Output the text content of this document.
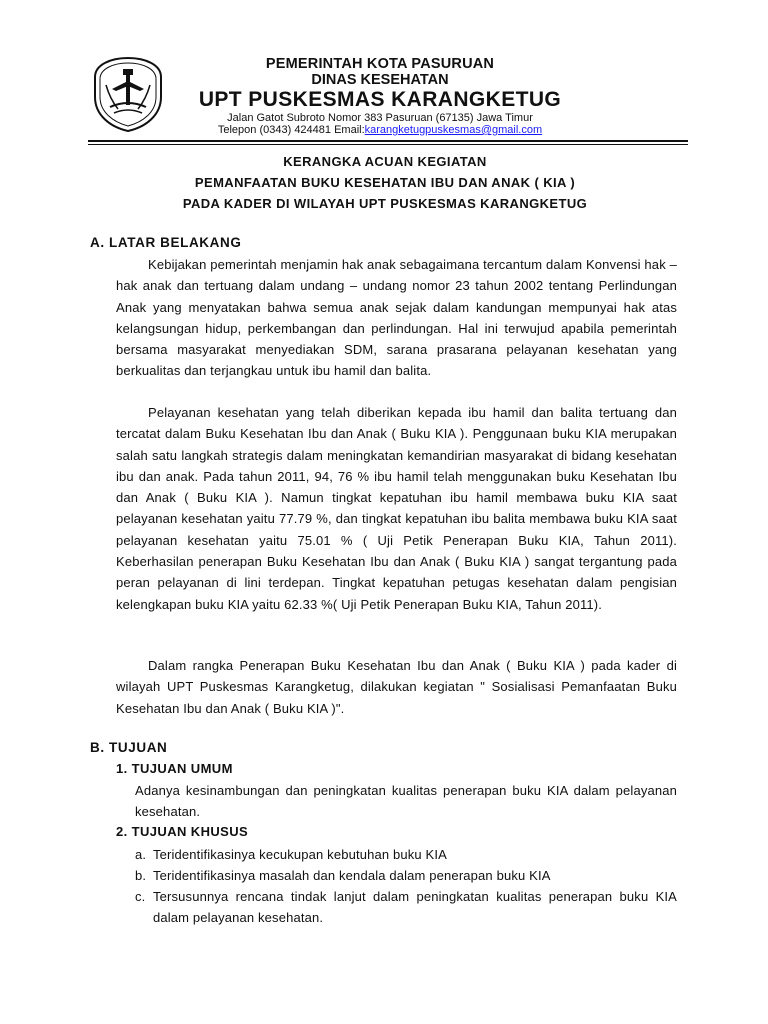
PEMERINTAH KOTA PASURUAN
DINAS KESEHATAN
UPT PUSKESMAS KARANGKETUG
Jalan Gatot Subroto Nomor 383 Pasuruan (67135) Jawa Timur
Telepon (0343) 424481 Email:karangketugpuskesmas@gmail.com
KERANGKA ACUAN KEGIATAN
PEMANFAATAN BUKU KESEHATAN IBU DAN ANAK ( KIA )
PADA KADER DI WILAYAH UPT PUSKESMAS KARANGKETUG
A. LATAR BELAKANG
Kebijakan pemerintah menjamin hak anak sebagaimana tercantum dalam Konvensi hak – hak anak dan tertuang dalam undang – undang nomor 23 tahun 2002 tentang Perlindungan Anak yang menyatakan bahwa semua anak sejak dalam kandungan mempunyai hak atas kelangsungan hidup, perkembangan dan perlindungan. Hal ini terwujud apabila pemerintah bersama masyarakat menyediakan SDM, sarana prasarana pelayanan kesehatan yang berkualitas dan terjangkau untuk ibu hamil dan balita.
Pelayanan kesehatan yang telah diberikan kepada ibu hamil dan balita tertuang dan tercatat dalam Buku Kesehatan Ibu dan Anak ( Buku KIA ). Penggunaan buku KIA merupakan salah satu langkah strategis dalam meningkatan kemandirian masyarakat di bidang kesehatan ibu dan anak. Pada tahun 2011, 94, 76 % ibu hamil telah menggunakan buku Kesehatan Ibu dan Anak ( Buku KIA ). Namun tingkat kepatuhan ibu hamil membawa buku KIA saat pelayanan kesehatan yaitu 77.79 %, dan tingkat kepatuhan ibu balita membawa buku KIA saat pelayanan kesehatan yaitu 75.01 % ( Uji Petik Penerapan Buku KIA, Tahun 2011). Keberhasilan penerapan Buku Kesehatan Ibu dan Anak ( Buku KIA ) sangat tergantung pada peran pelayanan di lini terdepan. Tingkat kepatuhan petugas kesehatan dalam pengisian kelengkapan buku KIA yaitu 62.33 %( Uji Petik Penerapan Buku KIA, Tahun 2011).
Dalam rangka Penerapan Buku Kesehatan Ibu dan Anak ( Buku KIA ) pada kader di wilayah UPT Puskesmas Karangketug, dilakukan kegiatan " Sosialisasi Pemanfaatan Buku Kesehatan Ibu dan Anak ( Buku KIA )".
B. TUJUAN
1. TUJUAN UMUM
Adanya kesinambungan dan peningkatan kualitas penerapan buku KIA dalam pelayanan kesehatan.
2. TUJUAN KHUSUS
a. Teridentifikasinya kecukupan kebutuhan buku KIA
b. Teridentifikasinya masalah dan kendala dalam penerapan buku KIA
c. Tersusunnya rencana tindak lanjut dalam peningkatan kualitas penerapan buku KIA dalam pelayanan kesehatan.
